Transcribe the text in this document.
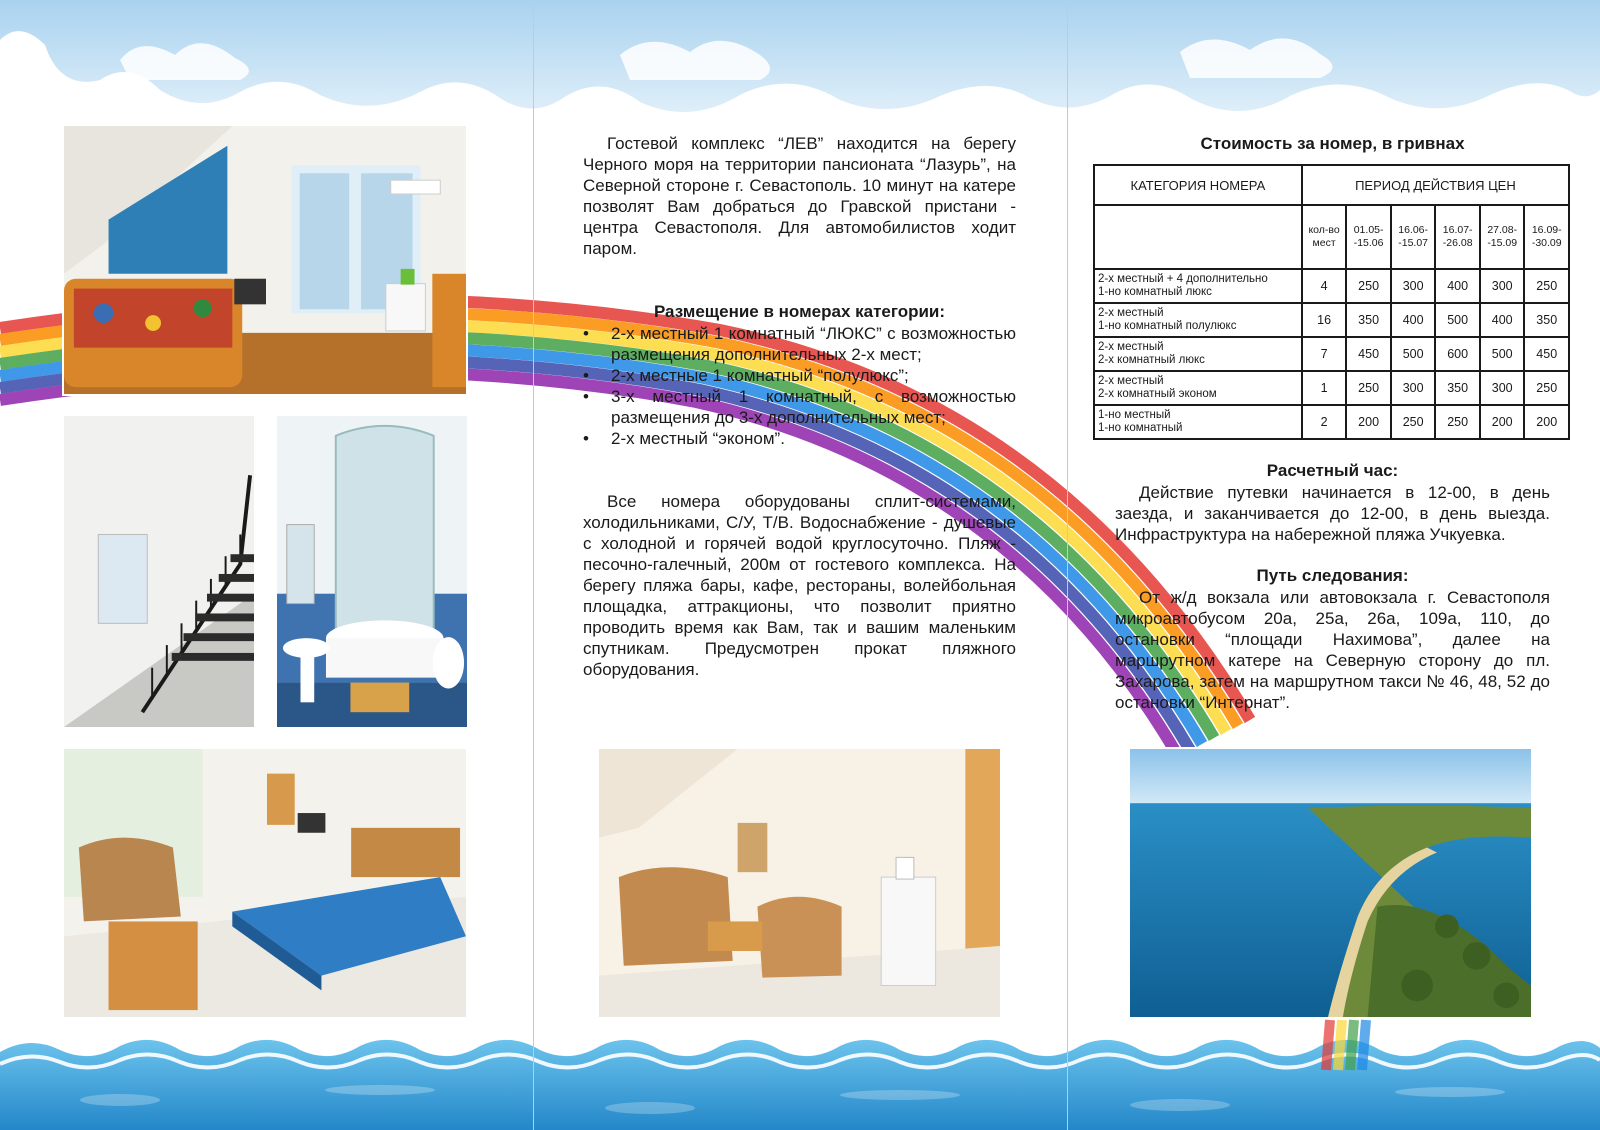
Гостевой комплекс “ЛЕВ” находится на берегу Черного моря на территории пансионата “Лазурь”, на Северной стороне г. Севастополь. 10 минут на катере позволят Вам добраться до Гравской пристани - центра Севастополя. Для автомобилистов ходит паром.

Размещение в номерах категории:
• 2-х местный 1 комнатный “ЛЮКС” с возможностью размещения дополнительных 2-х мест;
• 2-х местные 1 комнатный “полулюкс”;
• 3-х местный 1 комнатный, с возможностью размещения до 3-х дополнительных мест;
• 2-х местный “эконом”.

Все номера оборудованы сплит-системами, холодильниками, С/У, Т/В. Водоснабжение - душевые с холодной и горячей водой круглосуточно. Пляж - песочно-галечный, 200м от гостевого комплекса. На берегу пляжа бары, кафе, рестораны, волейбольная площадка, аттракционы, что позволит приятно проводить время как Вам, так и вашим маленьким спутникам. Предусмотрен прокат пляжного оборудования.

Стоимость за номер, в гривнах
КАТЕГОРИЯ НОМЕРА	ПЕРИОД ДЕЙСТВИЯ ЦЕН					
	кол-во мест	01.05- -15.06	16.06- -15.07	16.07- -26.08	27.08- -15.09	16.09- -30.09
2-х местный + 4 дополнительно
1-но комнатный люкс	4	250	300	400	300	250
2-х местный
1-но комнатный полулюкс	16	350	400	500	400	350
2-х местный
2-х комнатный люкс	7	450	500	600	500	450
2-х местный
2-х комнатный эконом	1	250	300	350	300	250
1-но местный
1-но комнатный	2	200	250	250	200	200
Расчетный час:

Действие путевки начинается в 12-00, в день заезда, и заканчивается до 12-00, в день выезда. Инфраструктура на набережной пляжа Учкуевка.

Путь следования:

От ж/д вокзала или автовокзала г. Севастополя микроавтобусом 20а, 25а, 26а, 109а, 110, до остановки “площади Нахимова”, далее на маршрутном катере на Северную сторону до пл. Захарова, затем на маршрутном такси № 46, 48, 52 до остановки “Интернат”.
